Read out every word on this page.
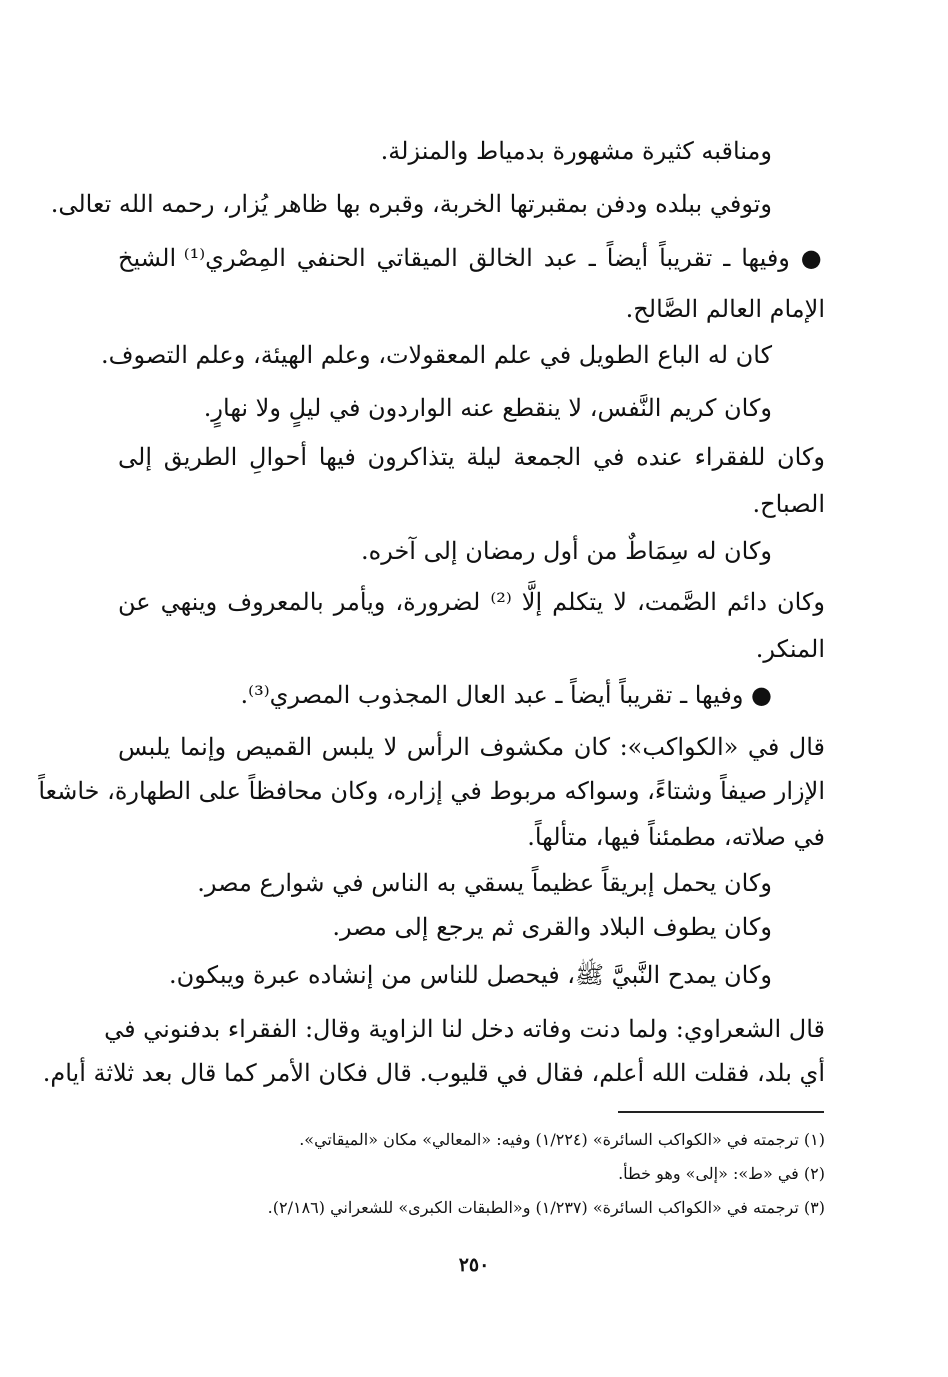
ومناقبه كثيرة مشهورة بدمياط والمنزلة.
وتوفي ببلده ودفن بمقبرتها الخربة، وقبره بها ظاهر يُزار، رحمه الله تعالى.
● وفيها ـ تقريباً أيضاً ـ عبد الخالق الميقاتي الحنفي المِصْري⁽¹⁾ الشيخ
الإمام العالم الصَّالح.
كان له الباع الطويل في علم المعقولات، وعلم الهيئة، وعلم التصوف.
وكان كريم النَّفس، لا ينقطع عنه الواردون في ليلٍ ولا نهارٍ.
وكان للفقراء عنده في الجمعة ليلة يتذاكرون فيها أحوالِ الطريق إلى
الصباح.
وكان له سِمَاطٌ من أول رمضان إلى آخره.
وكان دائم الصَّمت، لا يتكلم إلَّا ⁽²⁾ لضرورة، ويأمر بالمعروف وينهي عن
المنكر.
● وفيها ـ تقريباً أيضاً ـ عبد العال المجذوب المصري⁽³⁾.
قال في «الكواكب»: كان مكشوف الرأس لا يلبس القميص وإنما يلبس
الإزار صيفاً وشتاءً، وسواكه مربوط في إزاره، وكان محافظاً على الطهارة، خاشعاً
في صلاته، مطمئناً فيها، متألهاً.
وكان يحمل إبريقاً عظيماً يسقي به الناس في شوارع مصر.
وكان يطوف البلاد والقرى ثم يرجع إلى مصر.
وكان يمدح النَّبيَّ ﷺ، فيحصل للناس من إنشاده عبرة ويبكون.
قال الشعراوي: ولما دنت وفاته دخل لنا الزاوية وقال: الفقراء بدفنوني في
أي بلد، فقلت الله أعلم، فقال في قليوب. قال فكان الأمر كما قال بعد ثلاثة أيام.
(١) ترجمته في «الكواكب السائرة» (١/٢٢٤) وفيه: «المعالي» مكان «الميقاتي».
(٢) في «ط»: «إلى» وهو خطأ.
(٣) ترجمته في «الكواكب السائرة» (١/٢٣٧) و«الطبقات الكبرى» للشعراني (٢/١٨٦).
٢٥٠
